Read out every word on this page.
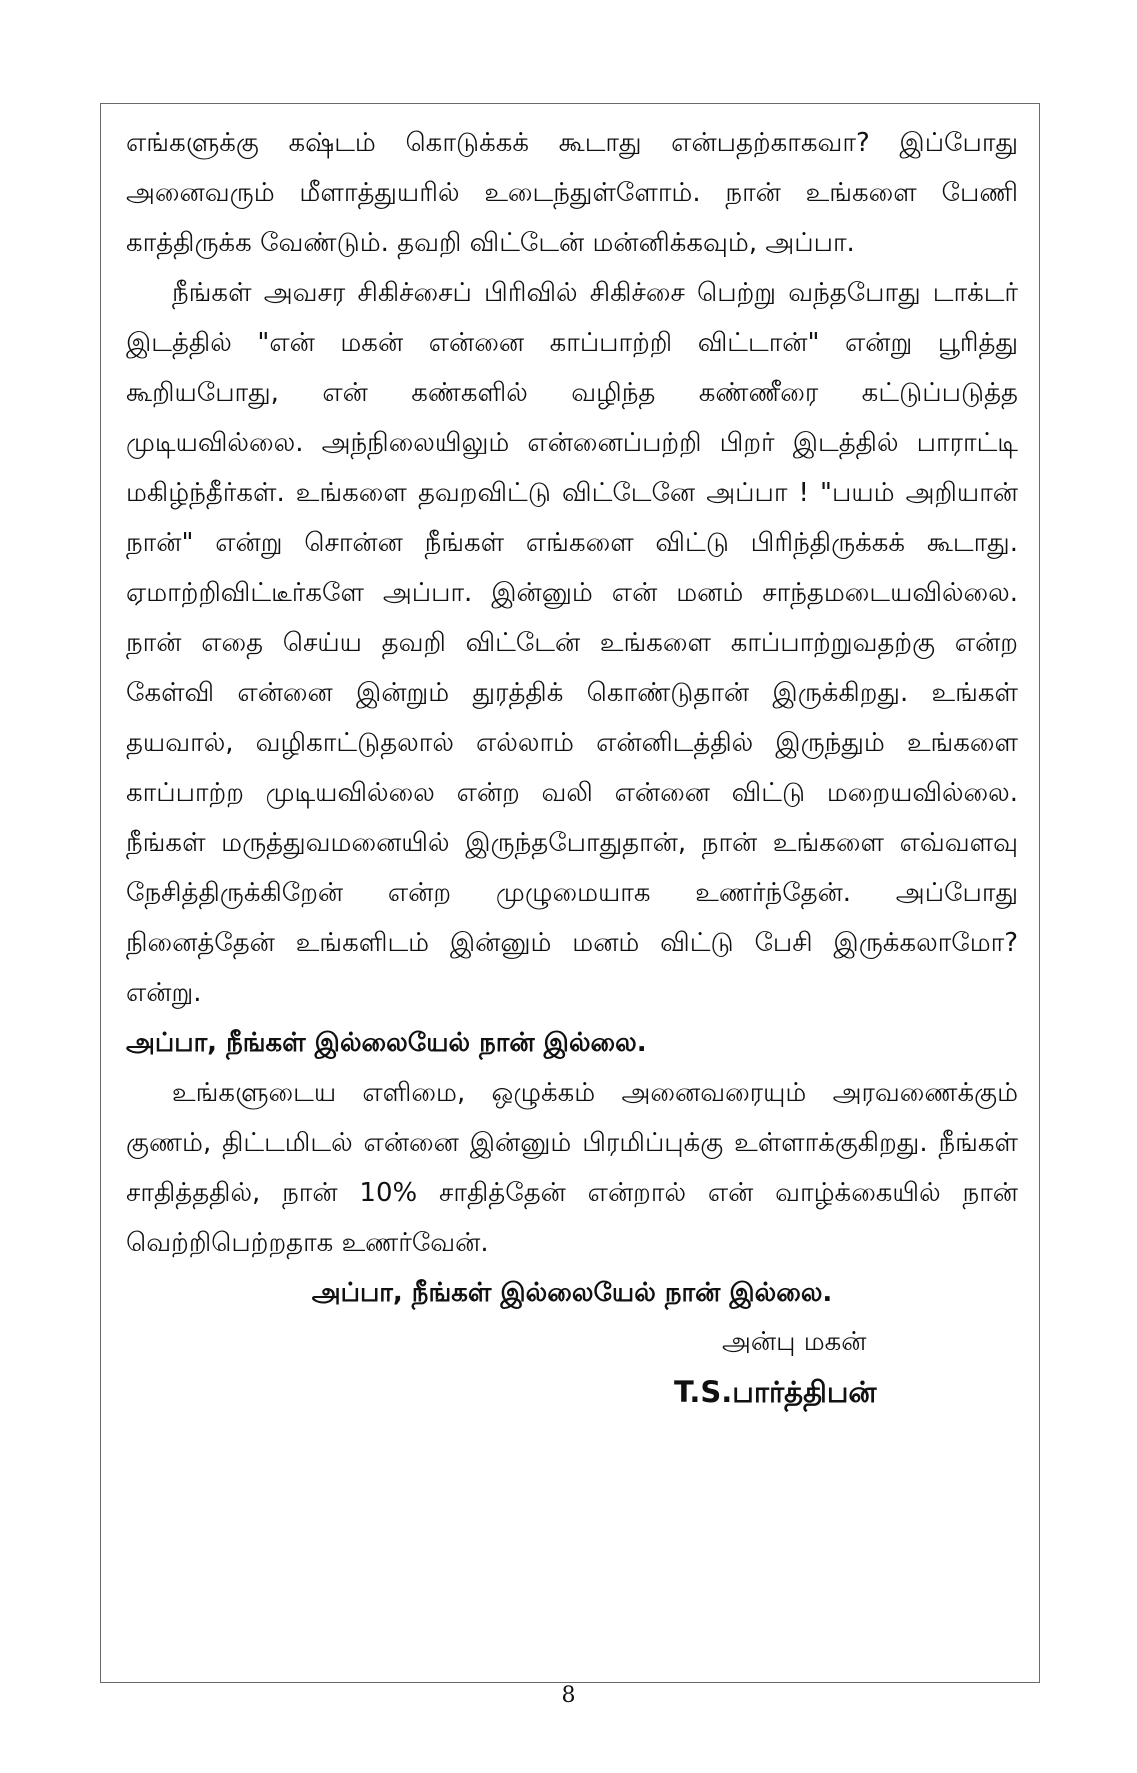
எங்களுக்கு கஷ்டம் கொடுக்கக் கூடாது என்பதற்காகவா? இப்போது அனைவரும் மீளாத்துயரில் உடைந்துள்ளோம். நான் உங்களை பேணி காத்திருக்க வேண்டும். தவறி விட்டேன் மன்னிக்கவும், அப்பா.

நீங்கள் அவசர சிகிச்சைப் பிரிவில் சிகிச்சை பெற்று வந்தபோது டாக்டர் இடத்தில் "என் மகன் என்னை காப்பாற்றி விட்டான்" என்று பூரித்து கூறியபோது, என் கண்களில் வழிந்த கண்ணீரை கட்டுப்படுத்த முடியவில்லை. அந்நிலையிலும் என்னைப்பற்றி பிறர் இடத்தில் பாராட்டி மகிழ்ந்தீர்கள். உங்களை தவறவிட்டு விட்டேனே அப்பா ! "பயம் அறியான் நான்" என்று சொன்ன நீங்கள் எங்களை விட்டு பிரிந்திருக்கக் கூடாது. ஏமாற்றிவிட்டீர்களே அப்பா. இன்னும் என் மனம் சாந்தமடையவில்லை. நான் எதை செய்ய தவறி விட்டேன் உங்களை காப்பாற்றுவதற்கு என்ற கேள்வி என்னை இன்றும் துரத்திக் கொண்டுதான் இருக்கிறது. உங்கள் தயவால், வழிகாட்டுதலால் எல்லாம் என்னிடத்தில் இருந்தும் உங்களை காப்பாற்ற முடியவில்லை என்ற வலி என்னை விட்டு மறையவில்லை. நீங்கள் மருத்துவமனையில் இருந்தபோதுதான், நான் உங்களை எவ்வளவு நேசித்திருக்கிறேன் என்ற முழுமையாக உணர்ந்தேன். அப்போது நினைத்தேன் உங்களிடம் இன்னும் மனம் விட்டு பேசி இருக்கலாமோ? என்று.

அப்பா, நீங்கள் இல்லையேல் நான் இல்லை.

உங்களுடைய எளிமை, ஒழுக்கம் அனைவரையும் அரவணைக்கும் குணம், திட்டமிடல் என்னை இன்னும் பிரமிப்புக்கு உள்ளாக்குகிறது. நீங்கள் சாதித்ததில், நான் 10% சாதித்தேன் என்றால் என் வாழ்க்கையில் நான் வெற்றிபெற்றதாக உணர்வேன்.

அப்பா, நீங்கள் இல்லையேல் நான் இல்லை.

அன்பு மகன்

T.S.பார்த்திபன்

8
